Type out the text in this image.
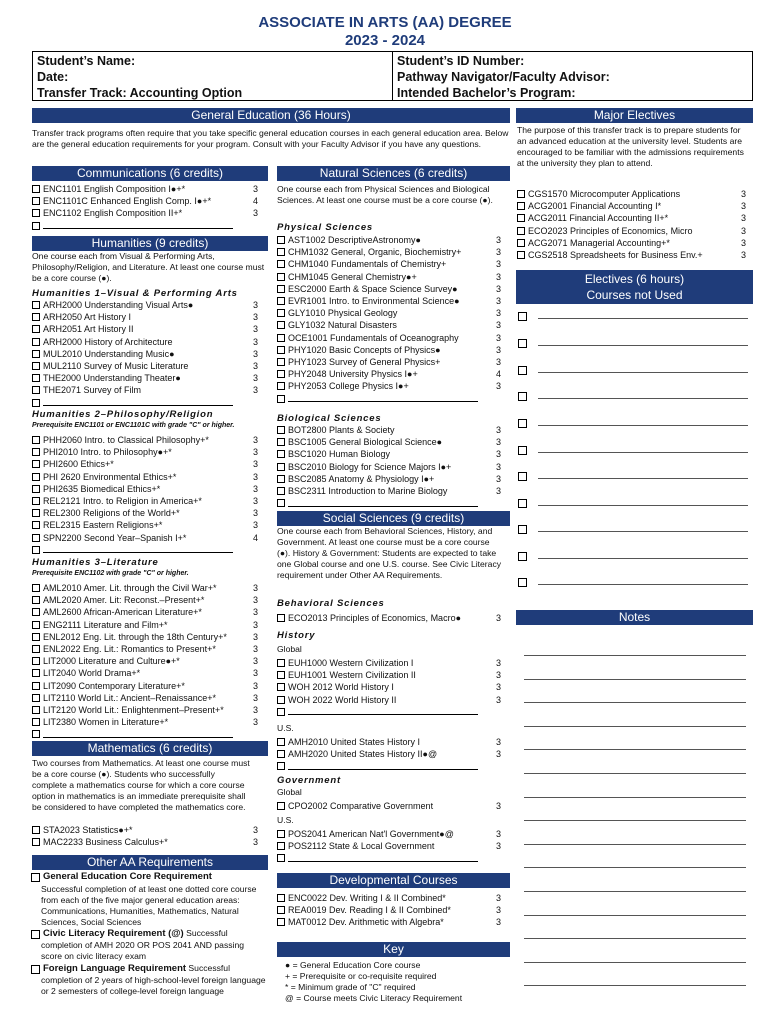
ASSOCIATE IN ARTS (AA) DEGREE
2023 - 2024
Student’s Name:
Date:
Transfer Track: Accounting Option
Student’s ID Number:
Pathway Navigator/Faculty Advisor:
Intended Bachelor’s Program:
General Education (36 Hours)
Transfer track programs often require that you take specific general education courses in each general education area. Below are the general education requirements for your program. Consult with your Faculty Advisor if you have any questions.
Communications (6 credits)
ENC1101 English Composition I●+*	3
ENC1101C Enhanced English Comp. I●+*	4
ENC1102 English Composition II+*	3
Humanities (9 credits)
One course each from Visual & Performing Arts, Philosophy/Religion, and Literature. At least one course must be a core course (●).
Humanities 1–Visual & Performing Arts
ARH2000 Understanding Visual Arts●	3
ARH2050 Art History I	3
ARH2051 Art History II	3
ARH2000 History of Architecture	3
MUL2010 Understanding Music●	3
MUL2110 Survey of Music Literature	3
THE2000 Understanding Theater●	3
THE2071 Survey of Film	3
Humanities 2–Philosophy/Religion
Prerequisite ENC1101 or ENC1101C with grade "C" or higher.
PHH2060 Intro. to Classical Philosophy+*	3
PHI2010 Intro. to Philosophy●+*	3
PHI2600 Ethics+*	3
PHI 2620 Environmental Ethics+*	3
PHI2635 Biomedical Ethics+*	3
REL2121 Intro. to Religion in America+*	3
REL2300 Religions of the World+*	3
REL2315 Eastern Religions+*	3
SPN2200 Second Year–Spanish I+*	4
Humanities 3–Literature
Prerequisite ENC1102 with grade "C" or higher.
AML2010 Amer. Lit. through the Civil War+*	3
AML2020 Amer. Lit: Reconst.–Present+*	3
AML2600 African-American Literature+*	3
ENG2111 Literature and Film+*	3
ENL2012 Eng. Lit. through the 18th Century+*	3
ENL2022 Eng. Lit.: Romantics to Present+*	3
LIT2000 Literature and Culture●+*	3
LIT2040 World Drama+*	3
LIT2090 Contemporary Literature+*	3
LIT2110 World Lit.: Ancient–Renaissance+*	3
LIT2120 World Lit.: Enlightenment–Present+*	3
LIT2380 Women in Literature+*	3
Mathematics (6 credits)
Two courses from Mathematics. At least one course must be a core course (●). Students who successfully complete a mathematics course for which a core course option in mathematics is an immediate prerequisite shall be considered to have completed the mathematics core.
STA2023 Statistics●+*	3
MAC2233 Business Calculus+*	3
Other AA Requirements
General Education Core Requirement
Successful completion of at least one dotted core course from each of the five major general education areas: Communications, Humanities, Mathematics, Natural Sciences, Social Sciences
Civic Literacy Requirement (@) Successful
completion of AMH 2020 OR POS 2041 AND passing score on civic literacy exam
Foreign Language Requirement Successful
completion of 2 years of high-school-level foreign language or 2 semesters of college-level foreign language
Natural Sciences (6 credits)
One course each from Physical Sciences and Biological Sciences. At least one course must be a core course (●).
Physical Sciences
AST1002 DescriptiveAstronomy●	3
CHM1032 General, Organic, Biochemistry+	3
CHM1040 Fundamentals of Chemistry+	3
CHM1045 General Chemistry●+	3
ESC2000 Earth & Space Science Survey●	3
EVR1001 Intro. to Environmental Science●	3
GLY1010 Physical Geology	3
GLY1032 Natural Disasters	3
OCE1001 Fundamentals of Oceanography	3
PHY1020 Basic Concepts of Physics●	3
PHY1023 Survey of General Physics+	3
PHY2048 University Physics I●+	4
PHY2053 College Physics I●+	3
Biological Sciences
BOT2800 Plants & Society	3
BSC1005 General Biological Science●	3
BSC1020 Human Biology	3
BSC2010 Biology for Science Majors I●+	3
BSC2085 Anatomy & Physiology I●+	3
BSC2311 Introduction to Marine Biology	3
Social Sciences (9 credits)
One course each from Behavioral Sciences, History, and Government. At least one course must be a core course (●). History & Government: Students are expected to take one Global course and one U.S. course. See Civic Literacy requirement under Other AA Requirements.
Behavioral Sciences
ECO2013 Principles of Economics, Macro●	3
History
Global
EUH1000 Western Civilization I	3
EUH1001 Western Civilization II	3
WOH 2012 World History I	3
WOH 2022 World History II	3
U.S.
AMH2010 United States History I	3
AMH2020 United States History II●@	3
Government
Global
CPO2002 Comparative Government	3
U.S.
POS2041 American Nat'l Government●@	3
POS2112 State & Local Government	3
Developmental Courses
ENC0022 Dev. Writing I & II Combined*	3
REA0019 Dev. Reading I & II Combined*	3
MAT0012 Dev. Arithmetic with Algebra*	3
Key
● = General Education Core course
+ = Prerequisite or co-requisite required
* = Minimum grade of "C" required
@ = Course meets Civic Literacy Requirement
Major Electives
The purpose of this transfer track is to prepare students for an advanced education at the university level. Students are encouraged to be familiar with the admissions requirements at the university they plan to attend.
CGS1570 Microcomputer Applications	3
ACG2001 Financial Accounting I*	3
ACG2011 Financial Accounting II+*	3
ECO2023 Principles of Economics, Micro	3
ACG2071 Managerial Accounting+*	3
CGS2518 Spreadsheets for Business Env.+	3
Electives (6 hours)
Courses not Used
Notes
